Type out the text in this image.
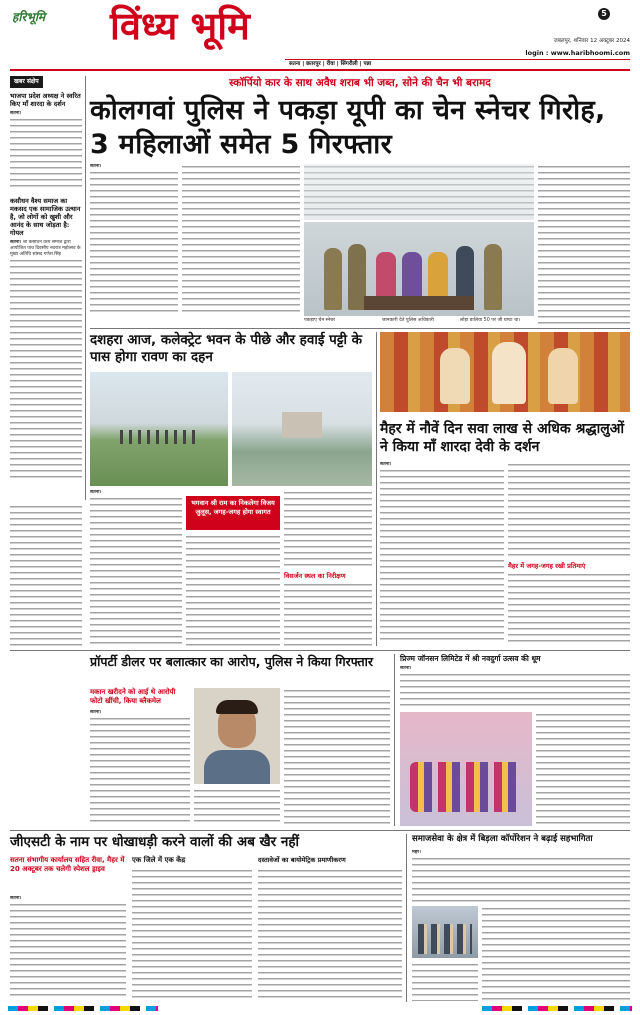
हरिभूमि विंध्य भूमि	5
जबलपुर, शनिवार 12 अक्टूबर 2024
login : www.haribhoomi.com
सतना | छतरपुर | रीवा | सिंगरौली | पन्ना
खबर संक्षेप
भाजपा प्रदेश अध्यक्ष ने स्वरित किए माँ शारदा के दर्शन
सतना।
कसौधन वैश्य समाज का मकसद एक सामाजिक उत्थान है, जो लोगों को खुशी और आनंद के साथ जोड़ता है: गोयल
सतना। श्री कसौधन वैश्य समाज द्वारा आयोजित पांच दिवसीय नवरात्र महोत्सव के मुख्य अतिथि सांसद गणेश सिंह
स्कॉर्पियो कार के साथ अवैध शराब भी जब्त, सोने की चैन भी बरामद
कोलगवां पुलिस ने पकड़ा यूपी का चेन स्नेचर गिरोह, 3 महिलाओं समेत 5 गिरफ्तार
सतना।
पकड़ाए चेन स्नेचर	जानकारी देते पुलिस अधिकारी	लोहा डालिया 50 पर जी घण्टा था।
दशहरा आज, कलेक्ट्रेट भवन के पीछे और हवाई पट्टी के पास होगा रावण का दहन
सतना।
भगवान श्री राम का निकलेगा विजय जुलूस, जगह-जगह होगा स्वागत
विसर्जन स्थल का निरीक्षण
मैहर में नौवें दिन सवा लाख से अधिक श्रद्धालुओं ने किया माँ शारदा देवी के दर्शन
सतना।
मैहर में जगह-जगह रखी प्रतिमाएं
प्रॉपर्टी डीलर पर बलात्कार का आरोप, पुलिस ने किया गिरफ्तार
मकान खरीदने को आई थे आरोपी फोटो खींची, किया ब्लैकमेल
सतना।
प्रिज्म जॉनसन लिमिटेड में श्री नवदुर्गा उत्सव की धूम
सतना।
जीएसटी के नाम पर धोखाधड़ी करने वालों की अब खैर नहीं
सतना संभागीय कार्यालय सहित रीवा, मैहर में 20 अक्टूबर तक चलेगी स्पेशल ड्राइव
सतना।
एक जिले में एक केंद्र	दस्तावेजों का बायोमेट्रिक प्रमाणीकरण
समाजसेवा के क्षेत्र में बिड़ला कॉर्पोरेशन ने बढ़ाई सहभागिता
मैहर।
